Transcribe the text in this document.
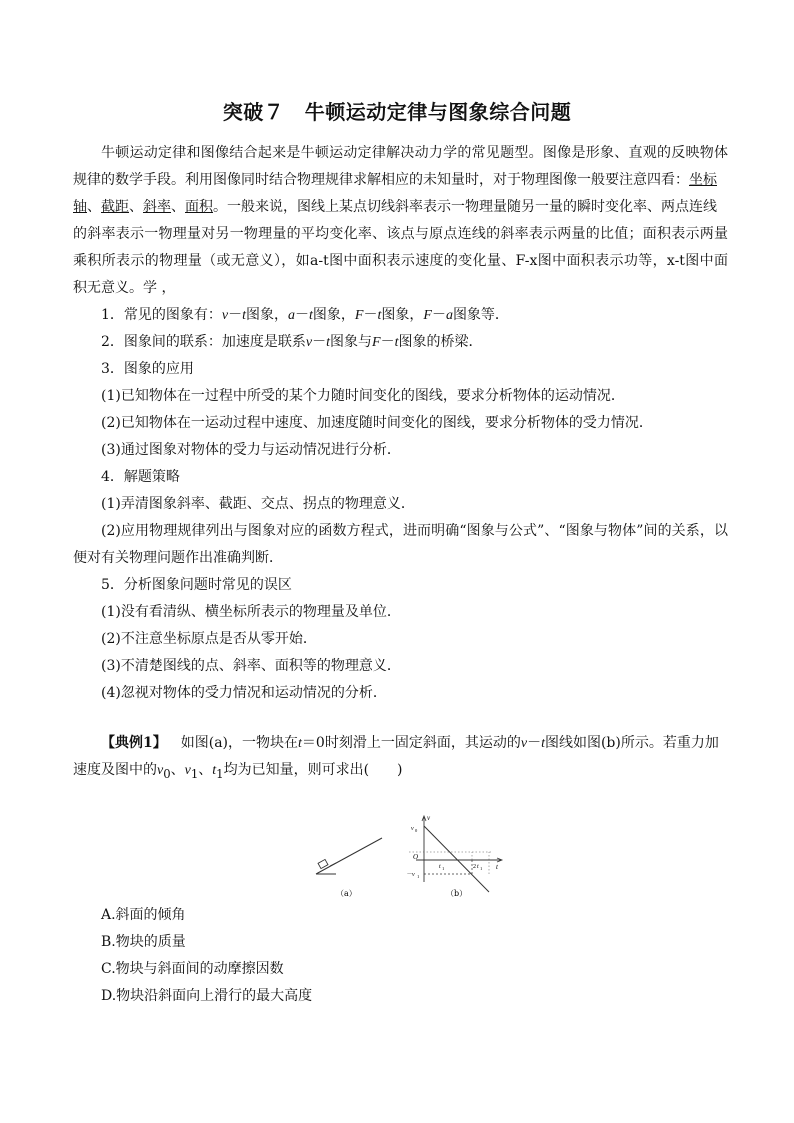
突破７　牛顿运动定律与图象综合问题
牛顿运动定律和图像结合起来是牛顿运动定律解决动力学的常见题型。图像是形象、直观的反映物体
规律的数学手段。利用图像同时结合物理规律求解相应的未知量时，对于物理图像一般要注意四看：坐标
轴、截距、斜率、面积。一般来说，图线上某点切线斜率表示一物理量随另一量的瞬时变化率、两点连线
的斜率表示一物理量对另一物理量的平均变化率、该点与原点连线的斜率表示两量的比值；面积表示两量
乘积所表示的物理量（或无意义），如a-t图中面积表示速度的变化量、F-x图中面积表示功等，x-t图中面
积无意义。学 ，
1．常见的图象有：v－t图象，a－t图象，F－t图象，F－a图象等．
2．图象间的联系：加速度是联系v－t图象与F－t图象的桥梁．
3．图象的应用
(1)已知物体在一过程中所受的某个力随时间变化的图线，要求分析物体的运动情况．
(2)已知物体在一运动过程中速度、加速度随时间变化的图线，要求分析物体的受力情况．
(3)通过图象对物体的受力与运动情况进行分析．
4．解题策略
(1)弄清图象斜率、截距、交点、拐点的物理意义．
(2)应用物理规律列出与图象对应的函数方程式，进而明确“图象与公式”、“图象与物体”间的关系，以
便对有关物理问题作出准确判断．
5．分析图象问题时常见的误区
(1)没有看清纵、横坐标所表示的物理量及单位．
(2)不注意坐标原点是否从零开始．
(3)不清楚图线的点、斜率、面积等的物理意义．
(4)忽视对物体的受力情况和运动情况的分析．
【典例1】 如图(a)，一物块在t＝0时刻滑上一固定斜面，其运动的v－t图线如图(b)所示。若重力加
速度及图中的$v_0$、$v_1$、$t_1$均为已知量，则可求出(　　)
（a）
v
v 0
O
t 1	2 t 1 t
－v 1
（b）
A.斜面的倾角
B.物块的质量
C.物块与斜面间的动摩擦因数
D.物块沿斜面向上滑行的最大高度
